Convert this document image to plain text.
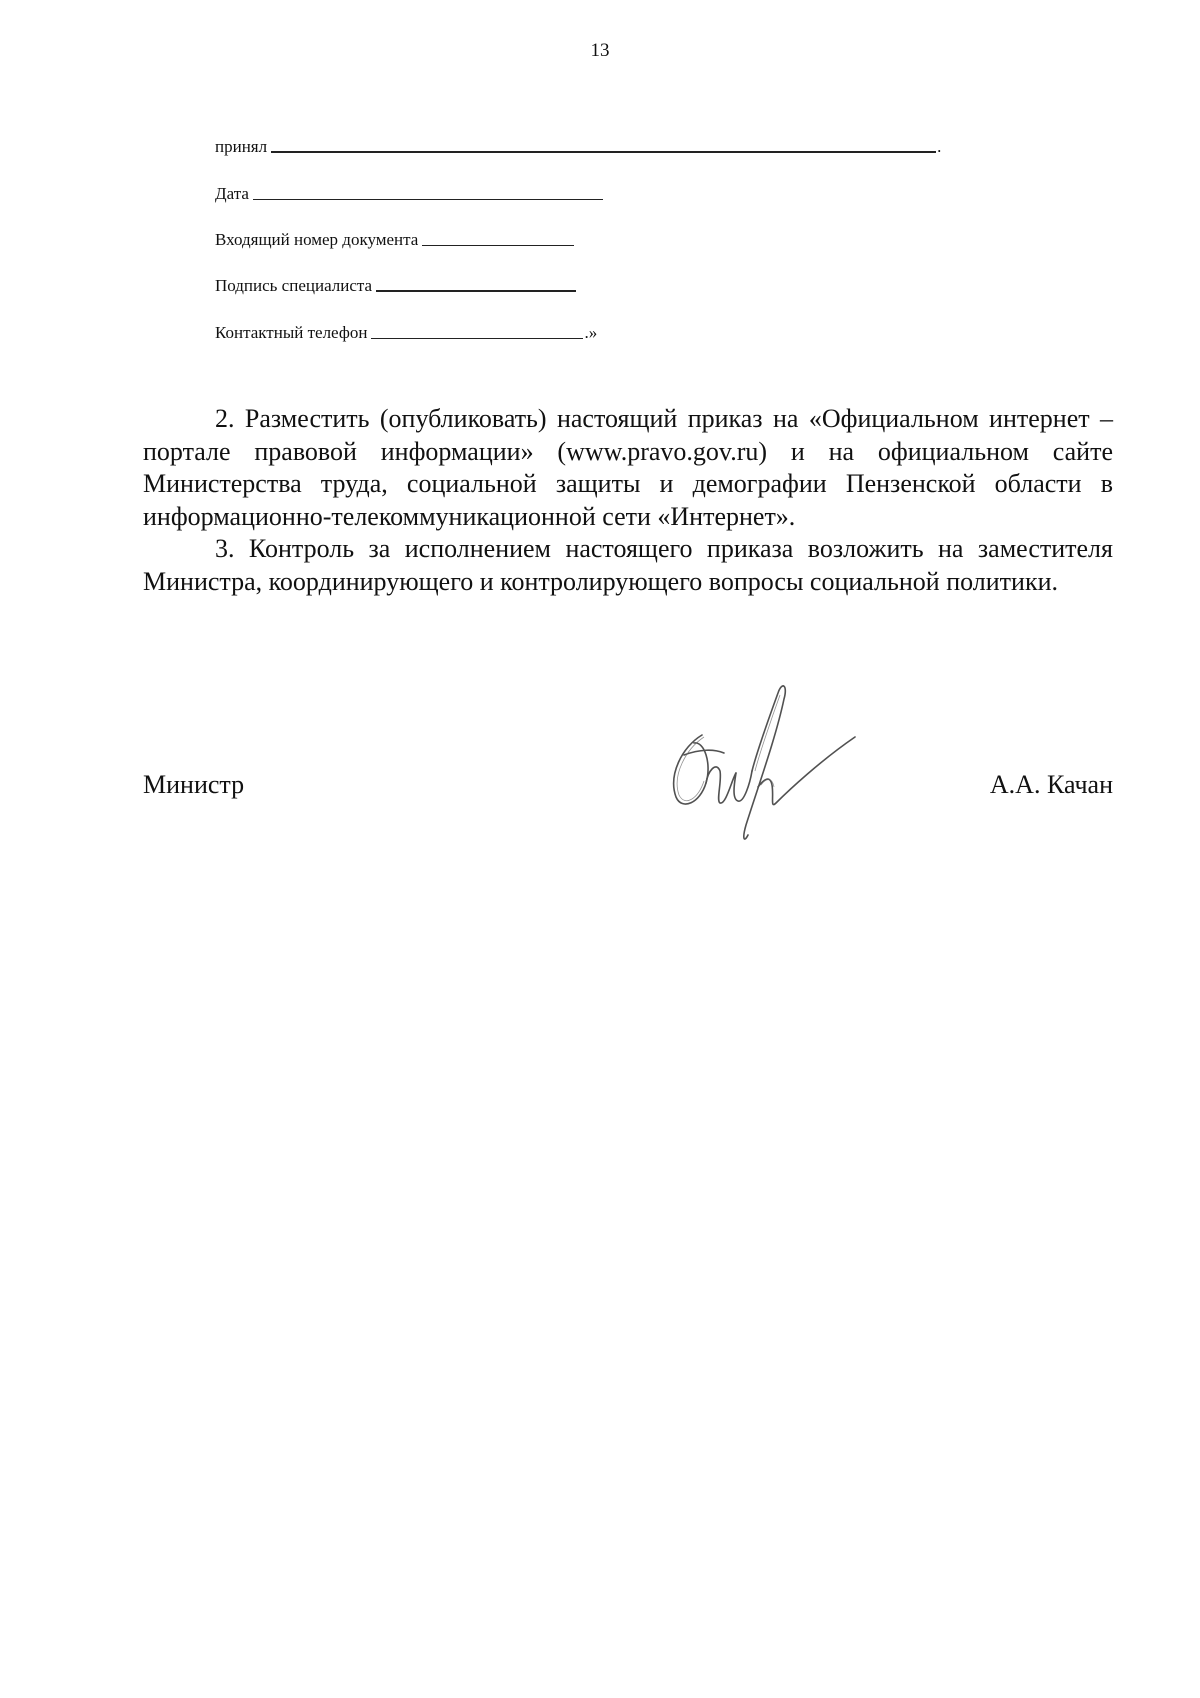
13
принял	.
Дата
Входящий номер документа
Подпись специалиста
Контактный телефон	.»

2. Разместить (опубликовать) настоящий приказ на «Официальном интернет – портале правовой информации» (www.pravo.gov.ru) и на официальном сайте Министерства труда, социальной защиты и демографии Пензенской области в информационно-телекоммуникационной сети «Интернет».

3. Контроль за исполнением настоящего приказа возложить на заместителя Министра, координирующего и контролирующего вопросы социальной политики.

Министр	А.А. Качан
